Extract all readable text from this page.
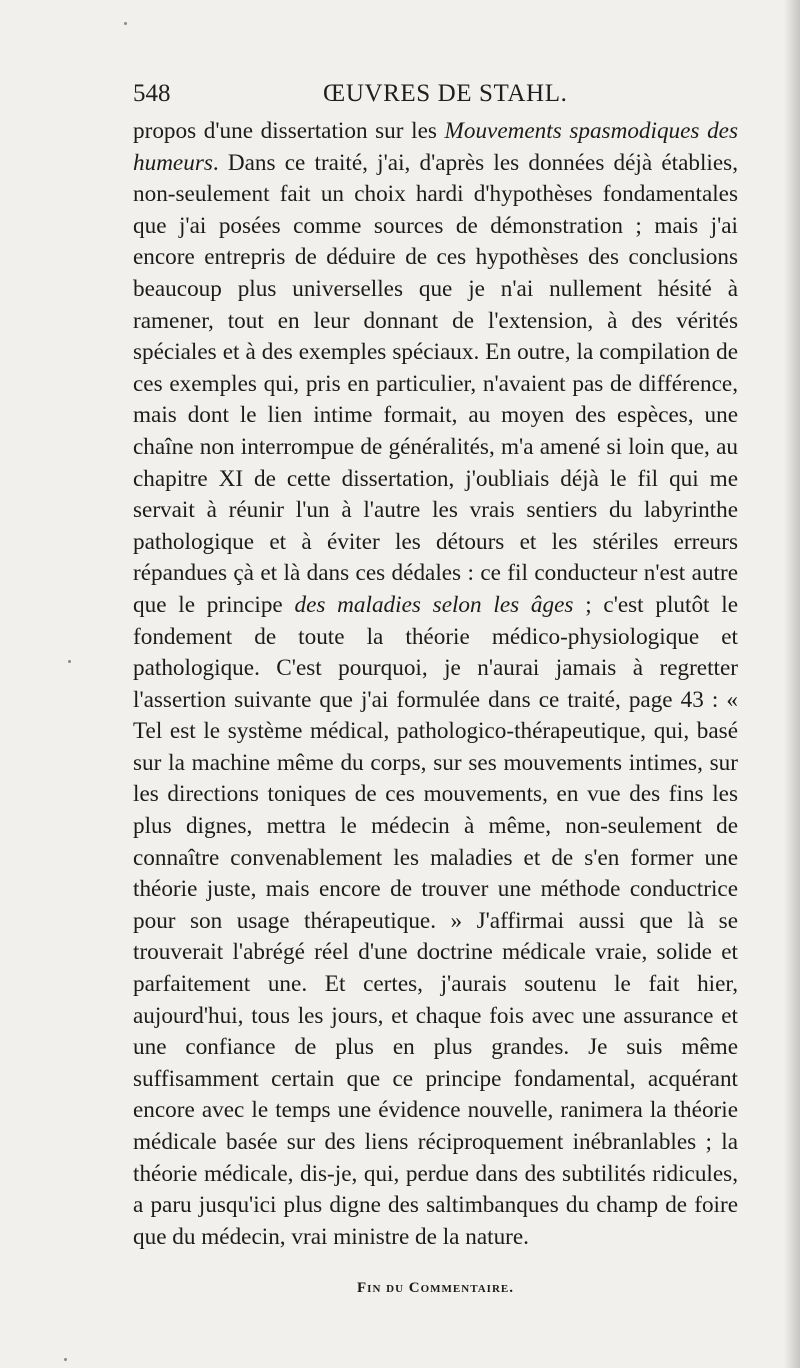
548	ŒUVRES DE STAHL.

propos d'une dissertation sur les Mouvements spasmodiques des humeurs. Dans ce traité, j'ai, d'après les données déjà établies, non-seulement fait un choix hardi d'hypothèses fondamentales que j'ai posées comme sources de démonstration ; mais j'ai encore entrepris de déduire de ces hypothèses des conclusions beaucoup plus universelles que je n'ai nullement hésité à ramener, tout en leur donnant de l'extension, à des vérités spéciales et à des exemples spéciaux. En outre, la compilation de ces exemples qui, pris en particulier, n'avaient pas de différence, mais dont le lien intime formait, au moyen des espèces, une chaîne non interrompue de généralités, m'a amené si loin que, au chapitre XI de cette dissertation, j'oubliais déjà le fil qui me servait à réunir l'un à l'autre les vrais sentiers du labyrinthe pathologique et à éviter les détours et les stériles erreurs répandues çà et là dans ces dédales : ce fil conducteur n'est autre que le principe des maladies selon les âges ; c'est plutôt le fondement de toute la théorie médico-physiologique et pathologique. C'est pourquoi, je n'aurai jamais à regretter l'assertion suivante que j'ai formulée dans ce traité, page 43 : « Tel est le système médical, pathologico-thérapeutique, qui, basé sur la machine même du corps, sur ses mouvements intimes, sur les directions toniques de ces mouvements, en vue des fins les plus dignes, mettra le médecin à même, non-seulement de connaître convenablement les maladies et de s'en former une théorie juste, mais encore de trouver une méthode conductrice pour son usage thérapeutique. » J'affirmai aussi que là se trouverait l'abrégé réel d'une doctrine médicale vraie, solide et parfaitement une. Et certes, j'aurais soutenu le fait hier, aujourd'hui, tous les jours, et chaque fois avec une assurance et une confiance de plus en plus grandes. Je suis même suffisamment certain que ce principe fondamental, acquérant encore avec le temps une évidence nouvelle, ranimera la théorie médicale basée sur des liens réciproquement inébranlables ; la théorie médicale, dis-je, qui, perdue dans des subtilités ridicules, a paru jusqu'ici plus digne des saltimbanques du champ de foire que du médecin, vrai ministre de la nature.

Fin du Commentaire.
